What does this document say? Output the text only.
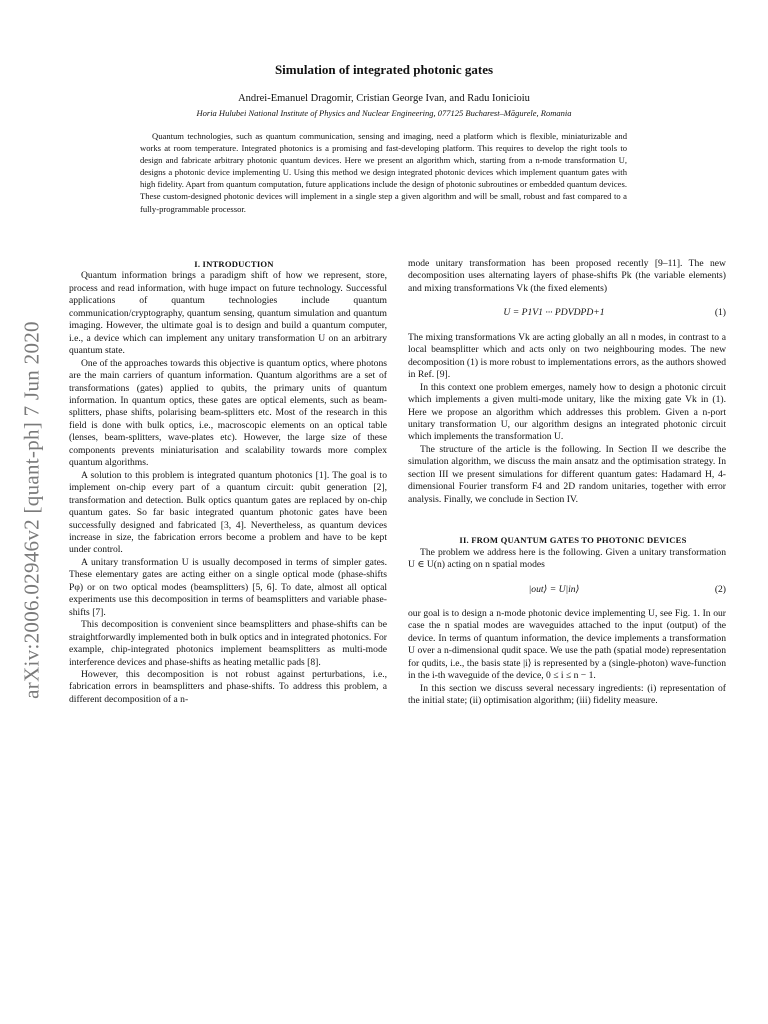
arXiv:2006.02946v2 [quant-ph] 7 Jun 2020
Simulation of integrated photonic gates
Andrei-Emanuel Dragomir, Cristian George Ivan, and Radu Ionicioiu
Horia Hulubei National Institute of Physics and Nuclear Engineering, 077125 Bucharest–Măgurele, Romania

Quantum technologies, such as quantum communication, sensing and imaging, need a platform which is flexible, miniaturizable and works at room temperature. Integrated photonics is a promising and fast-developing platform. This requires to develop the right tools to design and fabricate arbitrary photonic quantum devices. Here we present an algorithm which, starting from a n-mode transformation U, designs a photonic device implementing U. Using this method we design integrated photonic devices which implement quantum gates with high fidelity. Apart from quantum computation, future applications include the design of photonic subroutines or embedded quantum devices. These custom-designed photonic devices will implement in a single step a given algorithm and will be small, robust and fast compared to a fully-programmable processor.

I. INTRODUCTION

Quantum information brings a paradigm shift of how we represent, store, process and read information, with huge impact on future technology. Successful applications of quantum technologies include quantum communication/cryptography, quantum sensing, quantum simulation and quantum imaging. However, the ultimate goal is to design and build a quantum computer, i.e., a device which can implement any unitary transformation U on an arbitrary quantum state.

One of the approaches towards this objective is quantum optics, where photons are the main carriers of quantum information. Quantum algorithms are a set of transformations (gates) applied to qubits, the primary units of quantum information. In quantum optics, these gates are optical elements, such as beam-splitters, phase shifts, polarising beam-splitters etc. Most of the research in this field is done with bulk optics, i.e., macroscopic elements on an optical table (lenses, beam-splitters, wave-plates etc). However, the large size of these components prevents miniaturisation and scalability towards more complex quantum algorithms.

A solution to this problem is integrated quantum photonics [1]. The goal is to implement on-chip every part of a quantum circuit: qubit generation [2], transformation and detection. Bulk optics quantum gates are replaced by on-chip quantum gates. So far basic integrated quantum photonic gates have been successfully designed and fabricated [3, 4]. Nevertheless, as quantum devices increase in size, the fabrication errors become a problem and have to be kept under control.

A unitary transformation U is usually decomposed in terms of simpler gates. These elementary gates are acting either on a single optical mode (phase-shifts Pφ) or on two optical modes (beamsplitters) [5, 6]. To date, almost all optical experiments use this decomposition in terms of beamsplitters and variable phase-shifts [7].

This decomposition is convenient since beamsplitters and phase-shifts can be straightforwardly implemented both in bulk optics and in integrated photonics. For example, chip-integrated photonics implement beamsplitters as multi-mode interference devices and phase-shifts as heating metallic pads [8].

However, this decomposition is not robust against perturbations, i.e., fabrication errors in beamsplitters and phase-shifts. To address this problem, a different decomposition of a n-

mode unitary transformation has been proposed recently [9–11]. The new decomposition uses alternating layers of phase-shifts Pk (the variable elements) and mixing transformations Vk (the fixed elements)

U = P1V1 ··· PDVDPD+1	(1)

The mixing transformations Vk are acting globally an all n modes, in contrast to a local beamsplitter which and acts only on two neighbouring modes. The new decomposition (1) is more robust to implementations errors, as the authors showed in Ref. [9].

In this context one problem emerges, namely how to design a photonic circuit which implements a given multi-mode unitary, like the mixing gate Vk in (1). Here we propose an algorithm which addresses this problem. Given a n-port unitary transformation U, our algorithm designs an integrated photonic circuit which implements the transformation U.

The structure of the article is the following. In Section II we describe the simulation algorithm, we discuss the main ansatz and the optimisation strategy. In section III we present simulations for different quantum gates: Hadamard H, 4-dimensional Fourier transform F4 and 2D random unitaries, together with error analysis. Finally, we conclude in Section IV.

II. FROM QUANTUM GATES TO PHOTONIC DEVICES

The problem we address here is the following. Given a unitary transformation U ∈ U(n) acting on n spatial modes

|out⟩ = U|in⟩	(2)

our goal is to design a n-mode photonic device implementing U, see Fig. 1. In our case the n spatial modes are waveguides attached to the input (output) of the device. In terms of quantum information, the device implements a transformation U over a n-dimensional qudit space. We use the path (spatial mode) representation for qudits, i.e., the basis state |i⟩ is represented by a (single-photon) wave-function in the i-th waveguide of the device, 0 ≤ i ≤ n − 1.

In this section we discuss several necessary ingredients: (i) representation of the initial state; (ii) optimisation algorithm; (iii) fidelity measure.
